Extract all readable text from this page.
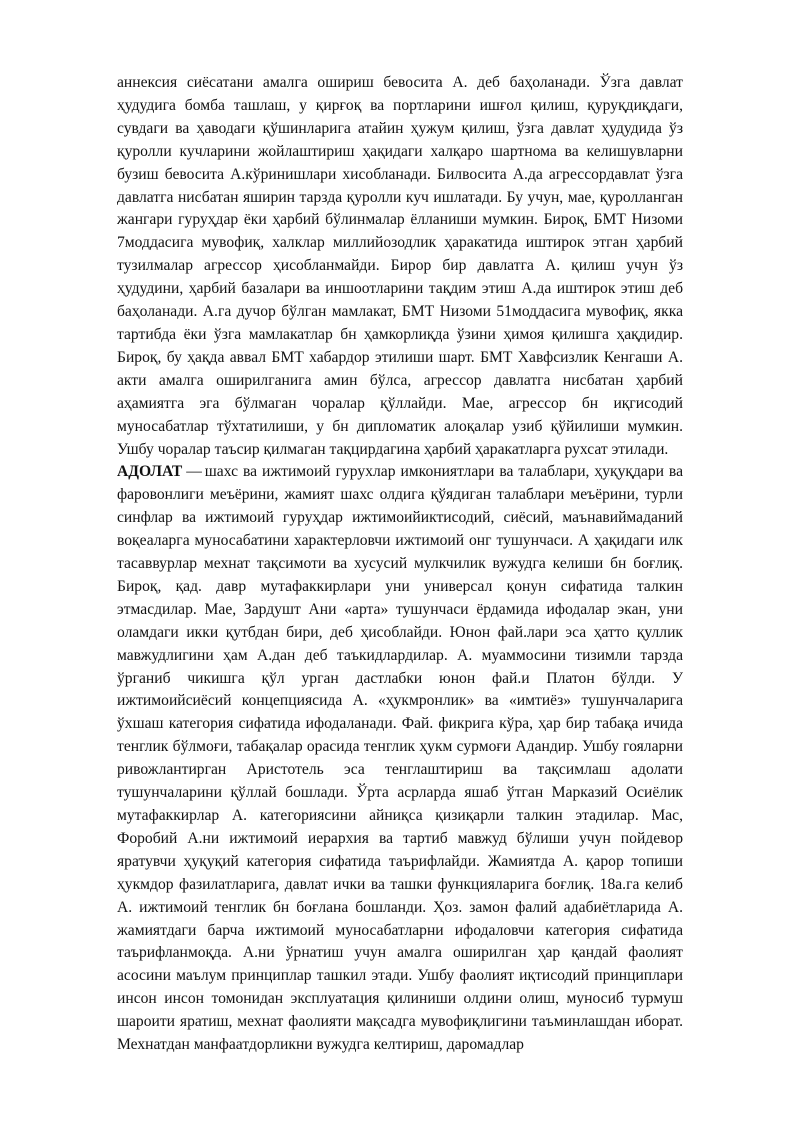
аннексия сиёсатани амалга ошириш бевосита А. деб баҳоланади. Ўзга давлат ҳудудига бомба ташлаш, у қирғоқ ва портларини ишғол қилиш, қуруқдиқдаги, сувдаги ва ҳаводаги қўшинларига атайин ҳужум қилиш, ўзга давлат ҳудудида ўз қуролли кучларини жойлаштириш ҳақидаги халқаро шартнома ва келишувларни бузиш бевосита А.кўринишлари хисобланади. Билвосита А.да агрессордавлат ўзга давлатга нисбатан яширин тарзда қуролли куч ишлатади. Бу учун, мае, қуролланган жангари гуруҳдар ёки ҳарбий бўлинмалар ёлланиши мумкин. Бироқ, БМТ Низоми 7моддасига мувофиқ, халклар миллийозодлик ҳаракатида иштирок этган ҳарбий тузилмалар агрессор ҳисобланмайди. Бирор бир давлатга А. қилиш учун ўз ҳудудини, ҳарбий базалари ва иншоотларини тақдим этиш А.да иштирок этиш деб баҳоланади. А.га дучор бўлган мамлакат, БМТ Низоми 51моддасига мувофиқ, якка тартибда ёки ўзга мамлакатлар бн ҳамкорлиқда ўзини ҳимоя қилишга ҳақдидир. Бироқ, бу ҳақда аввал БМТ хабардор этилиши шарт. БМТ Хавфсизлик Кенгаши А. акти амалга оширилганига амин бўлса, агрессор давлатга нисбатан ҳарбий аҳамиятга эга бўлмаган чоралар қўллайди. Мае, агрессор бн иқгисодий муносабатлар тўхтатилиши, у бн дипломатик алоқалар узиб қўйилиши мумкин. Ушбу чоралар таъсир қилмаган тақцирдагина ҳарбий ҳаракатларга рухсат этилади.

АДОЛАТ — шахс ва ижтимоий гурухлар имкониятлари ва талаблари, ҳуқуқдари ва фаровонлиги меъёрини, жамият шахс олдига қўядиган талаблари меъёрини, турли синфлар ва ижтимоий гуруҳдар ижтимоийиктисодий, сиёсий, маънавиймаданий воқеаларга муносабатини характерловчи ижтимоий онг тушунчаси. А ҳақидаги илк тасаввурлар мехнат тақсимоти ва хусусий мулкчилик вужудга келиши бн боғлиқ. Бироқ, қад. давр мутафаккирлари уни универсал қонун сифатида талкин этмасдилар. Мае, Зардушт Ани «арта» тушунчаси ёрдамида ифодалар экан, уни оламдаги икки қутбдан бири, деб ҳисоблайди. Юнон фай.лари эса ҳатто қуллик мавжудлигини ҳам А.дан деб таъкидлардилар. А. муаммосини тизимли тарзда ўрганиб чикишга қўл урган дастлабки юнон фай.и Платон бўлди. У ижтимоийсиёсий концепциясида А. «ҳукмронлик» ва «имтиёз» тушунчаларига ўхшаш категория сифатида ифодаланади. Фай. фикрига кўра, ҳар бир табақа ичида тенглик бўлмоғи, табақалар орасида тенглик ҳукм сурмоғи Адандир. Ушбу гояларни ривожлантирган Аристотель эса тенглаштириш ва тақсимлаш адолати тушунчаларини қўллай бошлади. Ўрта асрларда яшаб ўтган Марказий Осиёлик мутафаккирлар А. категориясини айниқса қизиқарли талкин этадилар. Мас, Форобий А.ни ижтимоий иерархия ва тартиб мавжуд бўлиши учун пойдевор яратувчи ҳуқуқий категория сифатида таърифлайди. Жамиятда А. қарор топиши ҳукмдор фазилатларига, давлат ички ва ташки функцияларига боғлиқ. 18а.га келиб А. ижтимоий тенглик бн боғлана бошланди. Ҳоз. замон фалий адабиётларида А. жамиятдаги барча ижтимоий муносабатларни ифодаловчи категория сифатида таърифланмоқда. А.ни ўрнатиш учун амалга оширилган ҳар қандай фаолият асосини маълум принциплар ташкил этади. Ушбу фаолият иқтисодий принциплари инсон инсон томонидан эксплуатация қилиниши олдини олиш, муносиб турмуш шароити яратиш, мехнат фаолияти мақсадга мувофиқлигини таъминлашдан иборат. Мехнатдан манфаатдорликни вужудга келтириш, даромадлар
